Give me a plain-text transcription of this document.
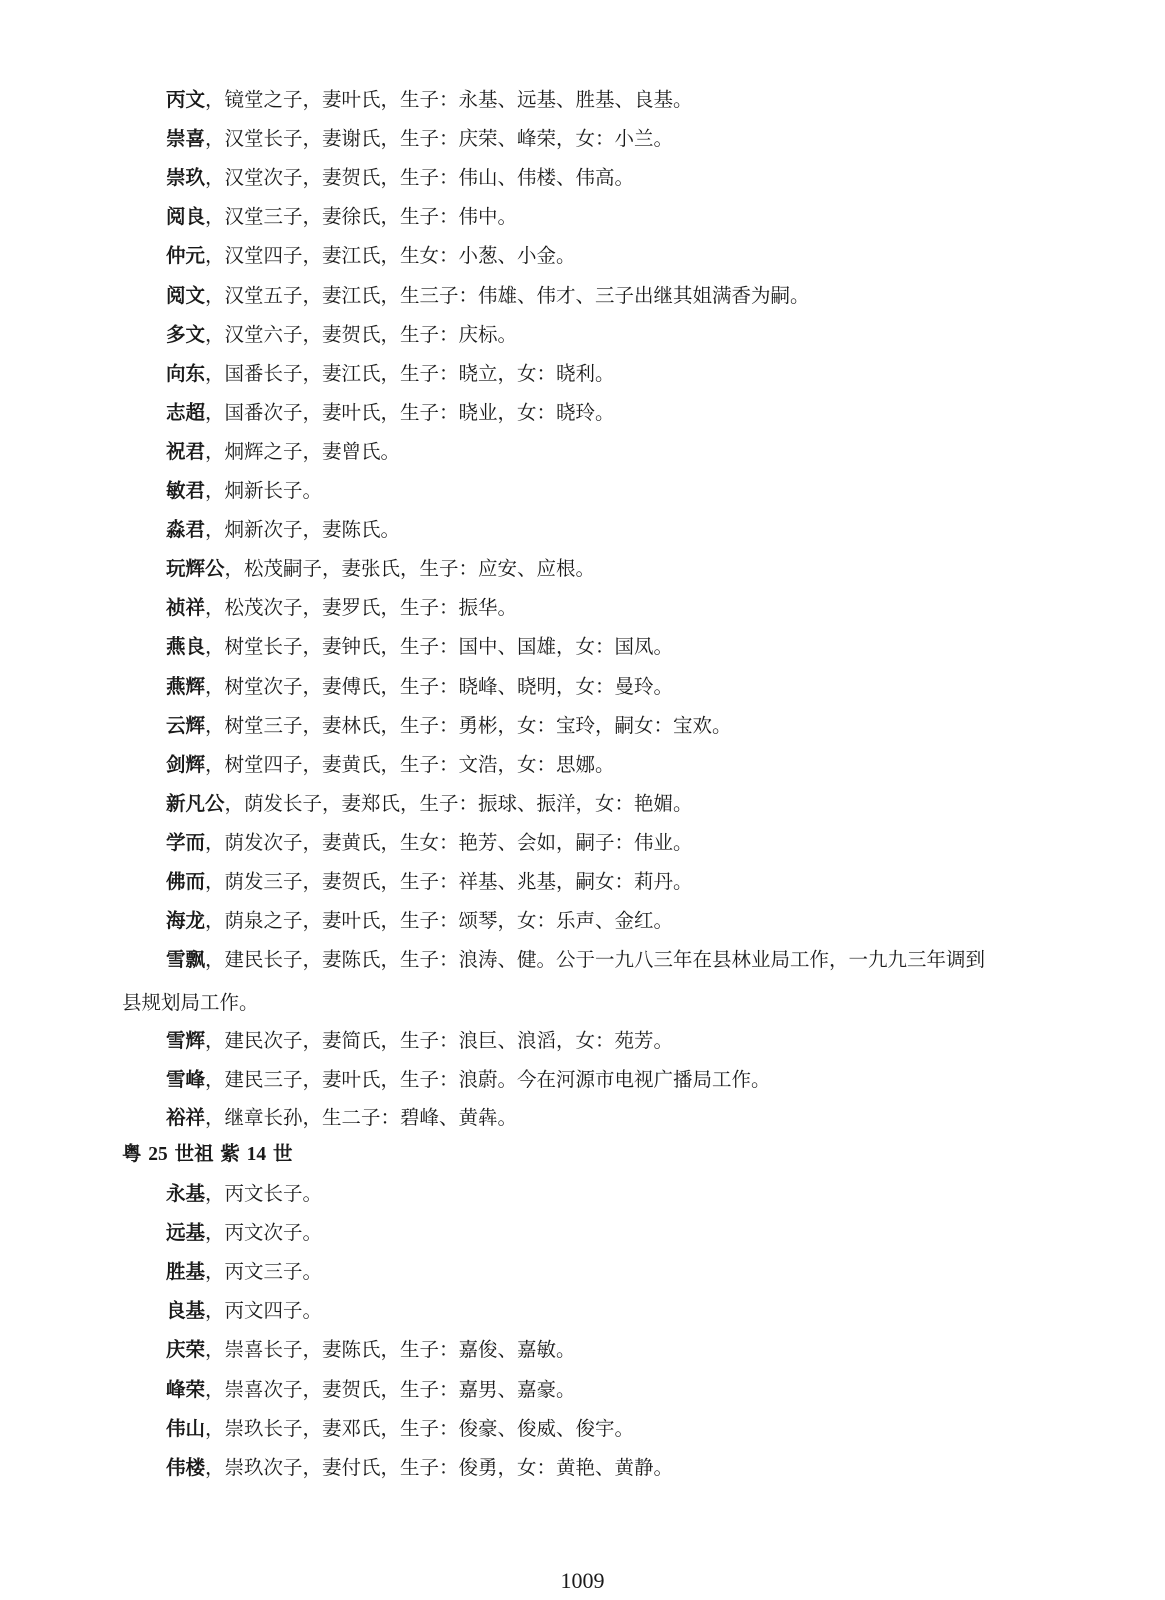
丙文，镜堂之子，妻叶氏，生子：永基、远基、胜基、良基。
崇喜，汉堂长子，妻谢氏，生子：庆荣、峰荣，女：小兰。
崇玖，汉堂次子，妻贺氏，生子：伟山、伟楼、伟高。
阅良，汉堂三子，妻徐氏，生子：伟中。
仲元，汉堂四子，妻江氏，生女：小葱、小金。
阅文，汉堂五子，妻江氏，生三子：伟雄、伟才、三子出继其姐满香为嗣。
多文，汉堂六子，妻贺氏，生子：庆标。
向东，国番长子，妻江氏，生子：晓立，女：晓利。
志超，国番次子，妻叶氏，生子：晓业，女：晓玲。
祝君，炯辉之子，妻曾氏。
敏君，炯新长子。
淼君，炯新次子，妻陈氏。
玩辉公，松茂嗣子，妻张氏，生子：应安、应根。
祯祥，松茂次子，妻罗氏，生子：振华。
燕良，树堂长子，妻钟氏，生子：国中、国雄，女：国凤。
燕辉，树堂次子，妻傅氏，生子：晓峰、晓明，女：曼玲。
云辉，树堂三子，妻林氏，生子：勇彬，女：宝玲，嗣女：宝欢。
剑辉，树堂四子，妻黄氏，生子：文浩，女：思娜。
新凡公，荫发长子，妻郑氏，生子：振球、振洋，女：艳媚。
学而，荫发次子，妻黄氏，生女：艳芳、会如，嗣子：伟业。
佛而，荫发三子，妻贺氏，生子：祥基、兆基，嗣女：莉丹。
海龙，荫泉之子，妻叶氏，生子：颂琴，女：乐声、金红。
雪飘，建民长子，妻陈氏，生子：浪涛、健。公于一九八三年在县林业局工作，一九九三年调到
县规划局工作。
雪辉，建民次子，妻简氏，生子：浪巨、浪滔，女：苑芳。
雪峰，建民三子，妻叶氏，生子：浪蔚。今在河源市电视广播局工作。
裕祥，继章长孙，生二子：碧峰、黄犇。
粤 25 世祖 紫 14 世
永基，丙文长子。
远基，丙文次子。
胜基，丙文三子。
良基，丙文四子。
庆荣，崇喜长子，妻陈氏，生子：嘉俊、嘉敏。
峰荣，崇喜次子，妻贺氏，生子：嘉男、嘉豪。
伟山，崇玖长子，妻邓氏，生子：俊豪、俊威、俊宇。
伟楼，崇玖次子，妻付氏，生子：俊勇，女：黄艳、黄静。
1009
